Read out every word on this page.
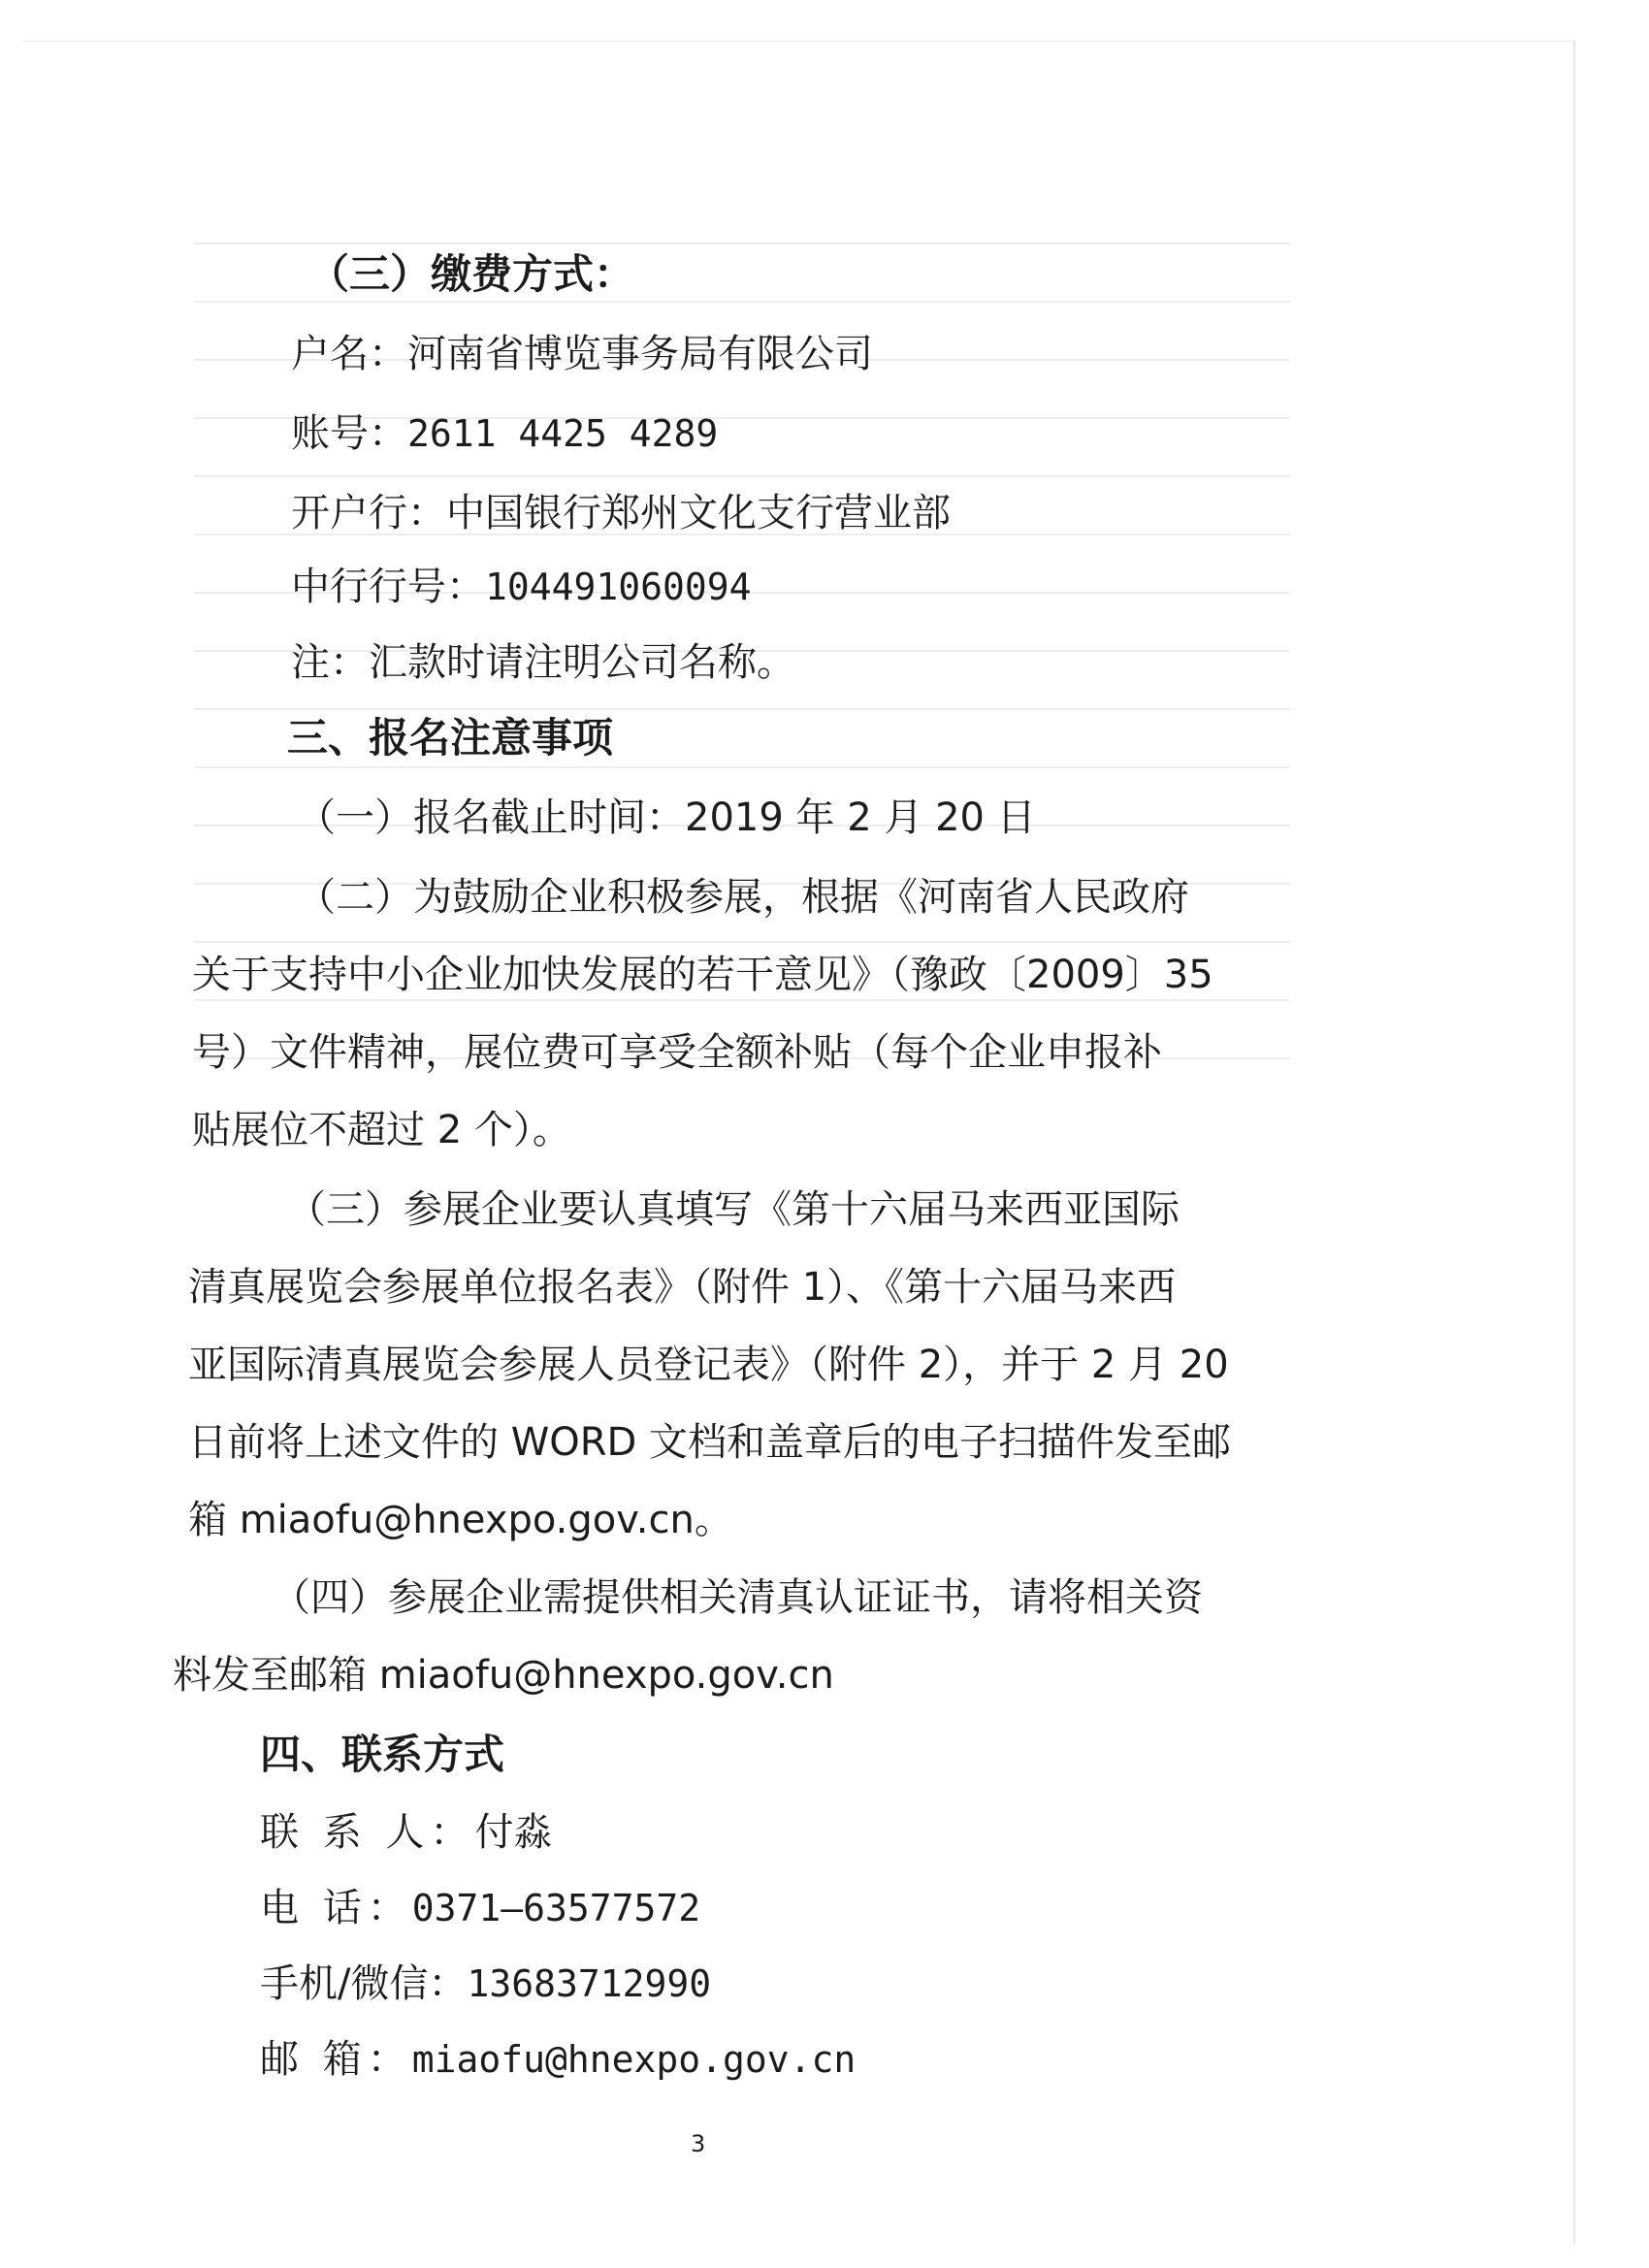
（三）缴费方式：
户名：河南省博览事务局有限公司
账号：2611 4425 4289
开户行：中国银行郑州文化支行营业部
中行行号：104491060094
注：汇款时请注明公司名称。
三、报名注意事项
（一）报名截止时间：2019 年 2 月 20 日
（二）为鼓励企业积极参展，根据《河南省人民政府
关于支持中小企业加快发展的若干意见》（豫政〔2009〕35
号）文件精神，展位费可享受全额补贴（每个企业申报补
贴展位不超过 2 个）。
（三）参展企业要认真填写《第十六届马来西亚国际
清真展览会参展单位报名表》（附件 1）、《第十六届马来西
亚国际清真展览会参展人员登记表》（附件 2），并于 2 月 20
日前将上述文件的 WORD 文档和盖章后的电子扫描件发至邮
箱 miaofu@hnexpo.gov.cn。
（四）参展企业需提供相关清真认证证书，请将相关资
料发至邮箱 miaofu@hnexpo.gov.cn
四、联系方式
联 系 人：付淼
电 话：0371—63577572
手机/微信：13683712990
邮 箱：miaofu@hnexpo.gov.cn
3
